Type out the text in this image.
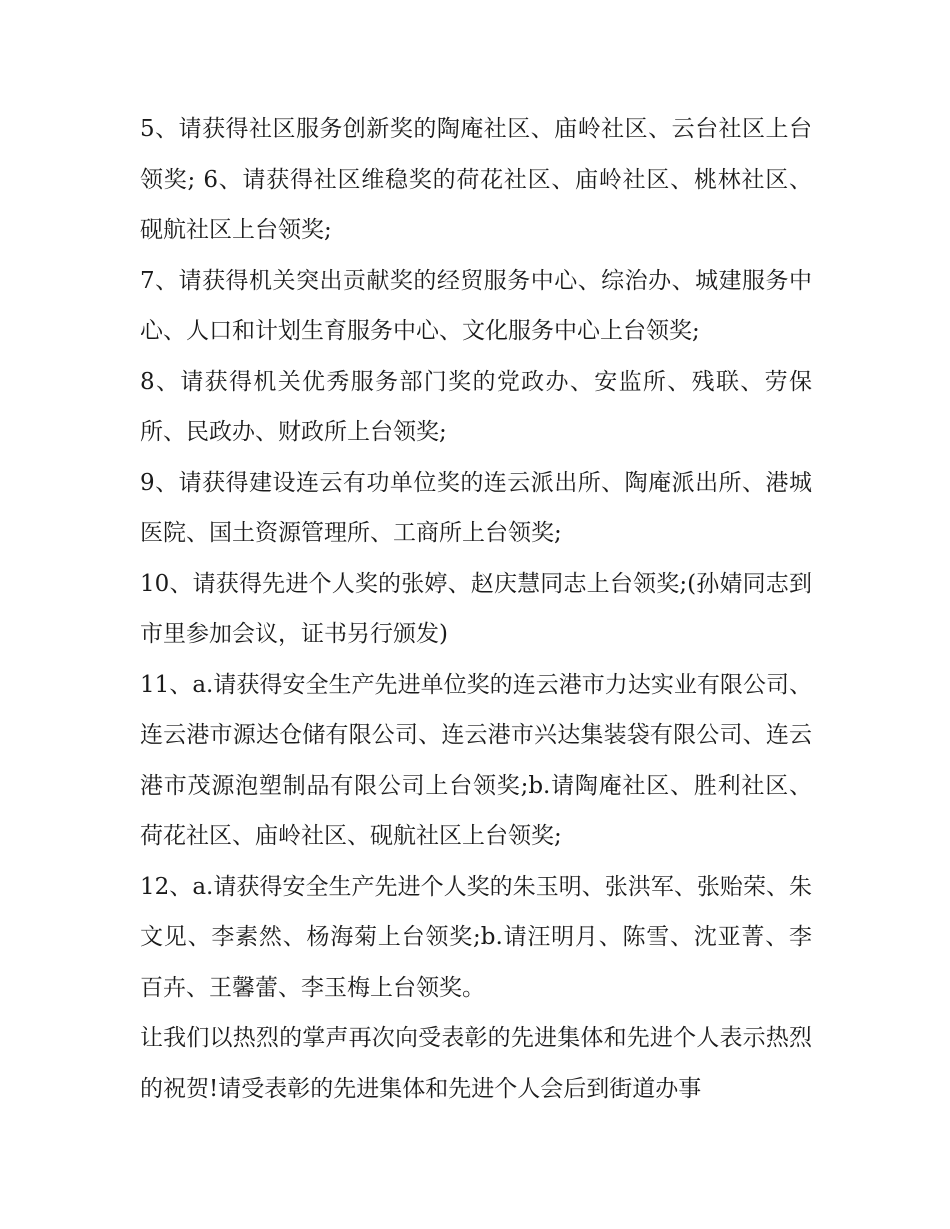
5、请获得社区服务创新奖的陶庵社区、庙岭社区、云台社区上台领奖; 6、请获得社区维稳奖的荷花社区、庙岭社区、桃林社区、砚航社区上台领奖;

7、请获得机关突出贡献奖的经贸服务中心、综治办、城建服务中心、人口和计划生育服务中心、文化服务中心上台领奖;

8、请获得机关优秀服务部门奖的党政办、安监所、残联、劳保所、民政办、财政所上台领奖;

9、请获得建设连云有功单位奖的连云派出所、陶庵派出所、港城医院、国土资源管理所、工商所上台领奖;

10、请获得先进个人奖的张婷、赵庆慧同志上台领奖;(孙婧同志到市里参加会议，证书另行颁发)

11、a.请获得安全生产先进单位奖的连云港市力达实业有限公司、连云港市源达仓储有限公司、连云港市兴达集装袋有限公司、连云港市茂源泡塑制品有限公司上台领奖;b.请陶庵社区、胜利社区、荷花社区、庙岭社区、砚航社区上台领奖;

12、a.请获得安全生产先进个人奖的朱玉明、张洪军、张贻荣、朱文见、李素然、杨海菊上台领奖;b.请汪明月、陈雪、沈亚菁、李百卉、王馨蕾、李玉梅上台领奖。

让我们以热烈的掌声再次向受表彰的先进集体和先进个人表示热烈的祝贺!请受表彰的先进集体和先进个人会后到街道办事
